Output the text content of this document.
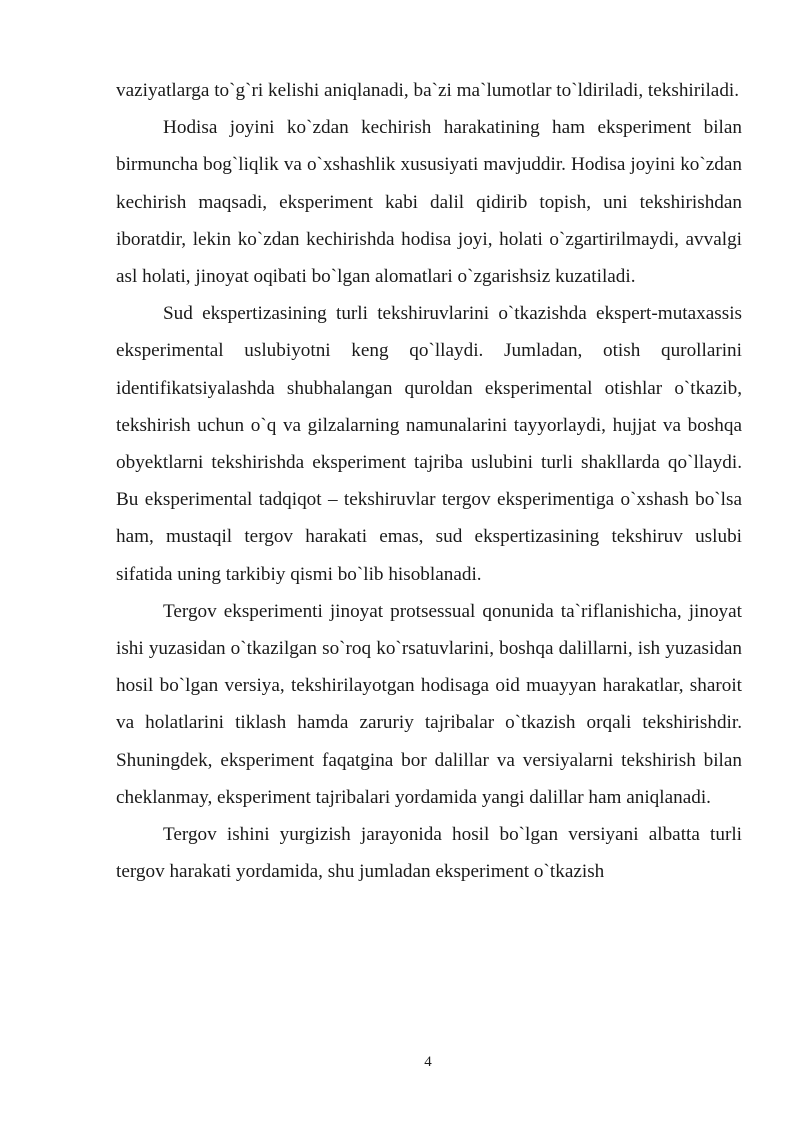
vaziyatlarga to`g`ri kelishi aniqlanadi, ba`zi ma`lumotlar to`ldiriladi, tekshiriladi.

Hodisa joyini ko`zdan kechirish harakatining ham eksperiment bilan birmuncha bog`liqlik va o`xshashlik xususiyati mavjuddir. Hodisa joyini ko`zdan kechirish maqsadi, eksperiment kabi dalil qidirib topish, uni tekshirishdan iboratdir, lekin ko`zdan kechirishda hodisa joyi, holati o`zgartirilmaydi, avvalgi asl holati, jinoyat oqibati bo`lgan alomatlari o`zgarishsiz kuzatiladi.

Sud ekspertizasining turli tekshiruvlarini o`tkazishda ekspert-mutaxassis eksperimental uslubiyotni keng qo`llaydi. Jumladan, otish qurollarini identifikatsiyalashda shubhalangan quroldan eksperimental otishlar o`tkazib, tekshirish uchun o`q va gilzalarning namunalarini tayyorlaydi, hujjat va boshqa obyektlarni tekshirishda eksperiment tajriba uslubini turli shakllarda qo`llaydi. Bu eksperimental tadqiqot – tekshiruvlar tergov eksperimentiga o`xshash bo`lsa ham, mustaqil tergov harakati emas, sud ekspertizasining tekshiruv uslubi sifatida uning tarkibiy qismi bo`lib hisoblanadi.

Tergov eksperimenti jinoyat protsessual qonunida ta`riflanishicha, jinoyat ishi yuzasidan o`tkazilgan so`roq ko`rsatuvlarini, boshqa dalillarni, ish yuzasidan hosil bo`lgan versiya, tekshirilayotgan hodisaga oid muayyan harakatlar, sharoit va holatlarini tiklash hamda zaruriy tajribalar o`tkazish orqali tekshirishdir. Shuningdek, eksperiment faqatgina bor dalillar va versiyalarni tekshirish bilan cheklanmay, eksperiment tajribalari yordamida yangi dalillar ham aniqlanadi.

Tergov ishini yurgizish jarayonida hosil bo`lgan versiyani albatta turli tergov harakati yordamida, shu jumladan eksperiment o`tkazish

4
